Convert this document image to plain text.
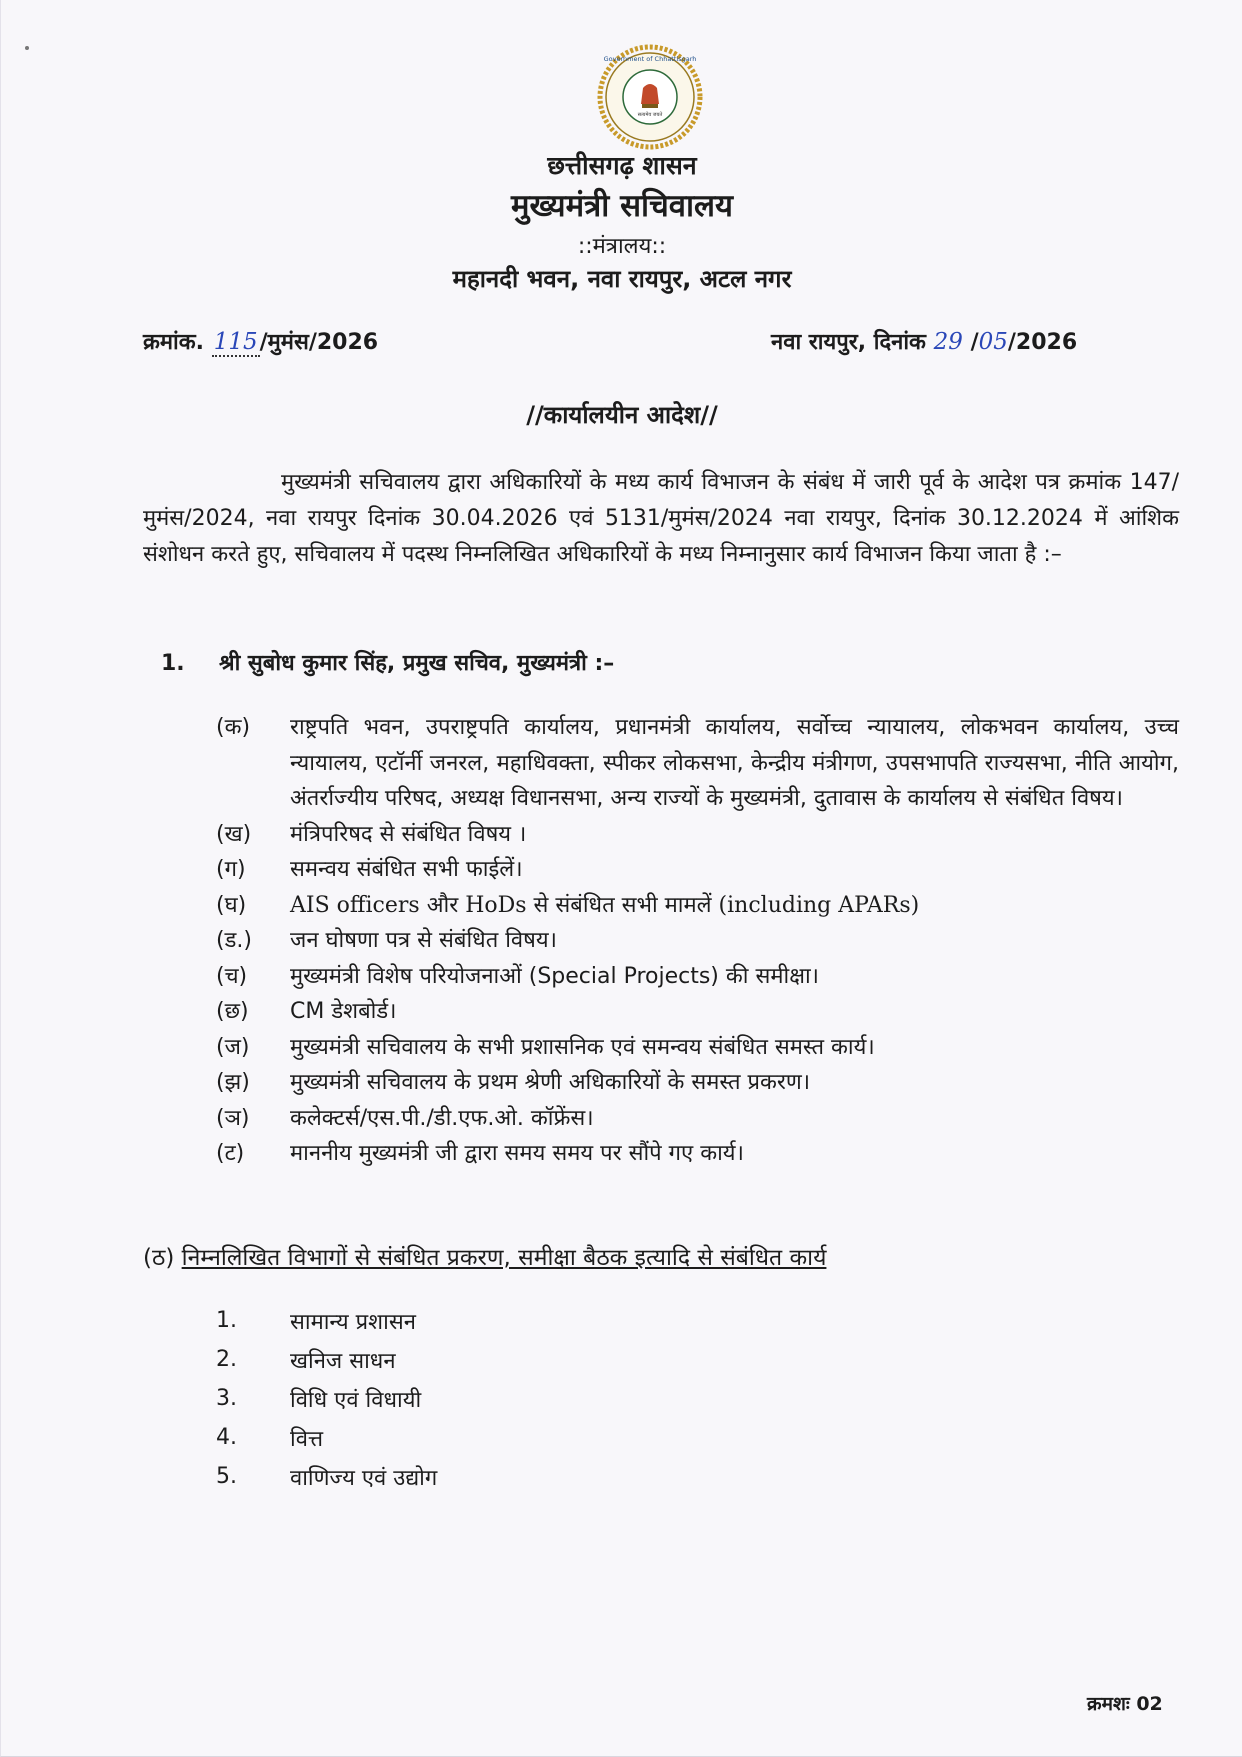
सत्यमेव जयते
Government of Chhattisgarh
छत्तीसगढ़ शासन
मुख्यमंत्री सचिवालय
::मंत्रालय::
महानदी भवन, नवा रायपुर, अटल नगर
क्रमांक. 115/मुमंस/2026	नवा रायपुर, दिनांक 29 /05/2026
//कार्यालयीन आदेश//

मुख्यमंत्री सचिवालय द्वारा अधिकारियों के मध्य कार्य विभाजन के संबंध में जारी पूर्व के आदेश पत्र क्रमांक 147/मुमंस/2024, नवा रायपुर दिनांक 30.04.2026 एवं 5131/मुमंस/2024 नवा रायपुर, दिनांक 30.12.2024 में आंशिक संशोधन करते हुए, सचिवालय में पदस्थ निम्नलिखित अधिकारियों के मध्य निम्नानुसार कार्य विभाजन किया जाता है :–

1. श्री सुबोध कुमार सिंह, प्रमुख सचिव, मुख्यमंत्री :–
(क)	राष्ट्रपति भवन, उपराष्ट्रपति कार्यालय, प्रधानमंत्री कार्यालय, सर्वोच्च न्यायालय, लोकभवन कार्यालय, उच्च न्यायालय, एटॉर्नी जनरल, महाधिवक्ता, स्पीकर लोकसभा, केन्द्रीय मंत्रीगण, उपसभापति राज्यसभा, नीति आयोग, अंतर्राज्यीय परिषद, अध्यक्ष विधानसभा, अन्य राज्यों के मुख्यमंत्री, दुतावास के कार्यालय से संबंधित विषय।
(ख)	मंत्रिपरिषद से संबंधित विषय ।
(ग)	समन्वय संबंधित सभी फाईलें।
(घ)	AIS officers और HoDs से संबंधित सभी मामलें (including APARs)
(ड.)	जन घोषणा पत्र से संबंधित विषय।
(च)	मुख्यमंत्री विशेष परियोजनाओं (Special Projects) की समीक्षा।
(छ)	CM डेशबोर्ड।
(ज)	मुख्यमंत्री सचिवालय के सभी प्रशासनिक एवं समन्वय संबंधित समस्त कार्य।
(झ)	मुख्यमंत्री सचिवालय के प्रथम श्रेणी अधिकारियों के समस्त प्रकरण।
(ञ)	कलेक्टर्स/एस.पी./डी.एफ.ओ. कॉफ्रेंस।
(ट)	माननीय मुख्यमंत्री जी द्वारा समय समय पर सौंपे गए कार्य।
(ठ) निम्नलिखित विभागों से संबंधित प्रकरण, समीक्षा बैठक इत्यादि से संबंधित कार्य
1.	सामान्य प्रशासन
2.	खनिज साधन
3.	विधि एवं विधायी
4.	वित्त
5.	वाणिज्य एवं उद्योग
क्रमशः 02
